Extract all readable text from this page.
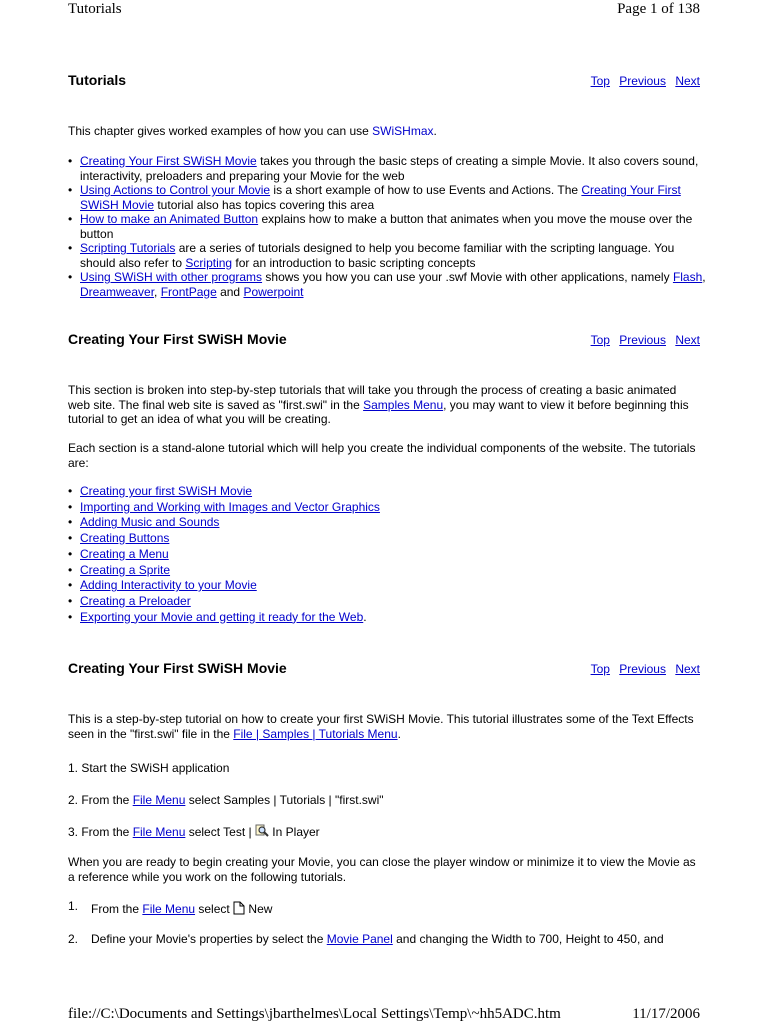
Tutorials	Page 1 of 138
Tutorials	Top Previous Next

This chapter gives worked examples of how you can use SWiSHmax.

• Creating Your First SWiSH Movie takes you through the basic steps of creating a simple Movie. It also covers sound, interactivity, preloaders and preparing your Movie for the web
• Using Actions to Control your Movie is a short example of how to use Events and Actions. The Creating Your First SWiSH Movie tutorial also has topics covering this area
• How to make an Animated Button explains how to make a button that animates when you move the mouse over the button
• Scripting Tutorials are a series of tutorials designed to help you become familiar with the scripting language. You should also refer to Scripting for an introduction to basic scripting concepts
• Using SWiSH with other programs shows you how you can use your .swf Movie with other applications, namely Flash, Dreamweaver, FrontPage and Powerpoint
Creating Your First SWiSH Movie	Top Previous Next

This section is broken into step-by-step tutorials that will take you through the process of creating a basic animated web site. The final web site is saved as "first.swi" in the Samples Menu, you may want to view it before beginning this tutorial to get an idea of what you will be creating.

Each section is a stand-alone tutorial which will help you create the individual components of the website. The tutorials are:

• Creating your first SWiSH Movie
• Importing and Working with Images and Vector Graphics
• Adding Music and Sounds
• Creating Buttons
• Creating a Menu
• Creating a Sprite
• Adding Interactivity to your Movie
• Creating a Preloader
• Exporting your Movie and getting it ready for the Web.
Creating Your First SWiSH Movie	Top Previous Next

This is a step-by-step tutorial on how to create your first SWiSH Movie. This tutorial illustrates some of the Text Effects seen in the "first.swi" file in the File | Samples | Tutorials Menu.

1. Start the SWiSH application

2. From the File Menu select Samples | Tutorials | "first.swi"

3. From the File Menu select Test |  In Player

When you are ready to begin creating your Movie, you can close the player window or minimize it to view the Movie as a reference while you work on the following tutorials.

1. From the File Menu select  New

2. Define your Movie's properties by select the Movie Panel and changing the Width to 700, Height to 450, and

file://C:\Documents and Settings\jbarthelmes\Local Settings\Temp\~hh5ADC.htm	11/17/2006
